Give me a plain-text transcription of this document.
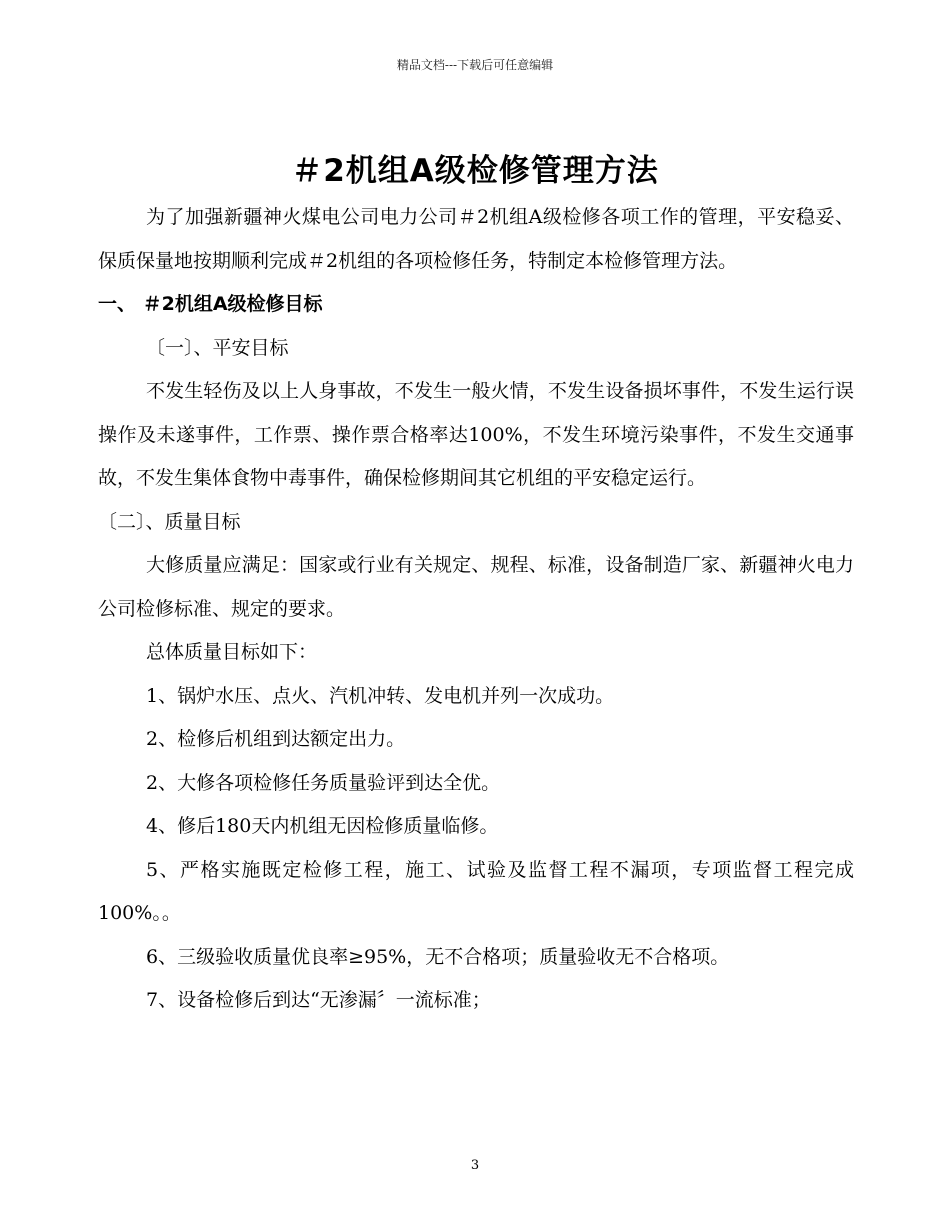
精品文档---下载后可任意编辑
＃2机组A级检修管理方法

为了加强新疆神火煤电公司电力公司＃2机组A级检修各项工作的管理，平安稳妥、保质保量地按期顺利完成＃2机组的各项检修任务，特制定本检修管理方法。

一、 ＃2机组A级检修目标

〔一〕、平安目标

不发生轻伤及以上人身事故，不发生一般火情，不发生设备损坏事件，不发生运行误操作及未遂事件，工作票、操作票合格率达100%，不发生环境污染事件，不发生交通事故，不发生集体食物中毒事件，确保检修期间其它机组的平安稳定运行。

〔二〕、质量目标

大修质量应满足：国家或行业有关规定、规程、标准，设备制造厂家、新疆神火电力公司检修标准、规定的要求。

总体质量目标如下：

1、锅炉水压、点火、汽机冲转、发电机并列一次成功。

2、检修后机组到达额定出力。

2、大修各项检修任务质量验评到达全优。

4、修后180天内机组无因检修质量临修。

5、严格实施既定检修工程，施工、试验及监督工程不漏项，专项监督工程完成100%。。

6、三级验收质量优良率≥95%，无不合格项；质量验收无不合格项。

7、设备检修后到达“无渗漏〞一流标准；

3
